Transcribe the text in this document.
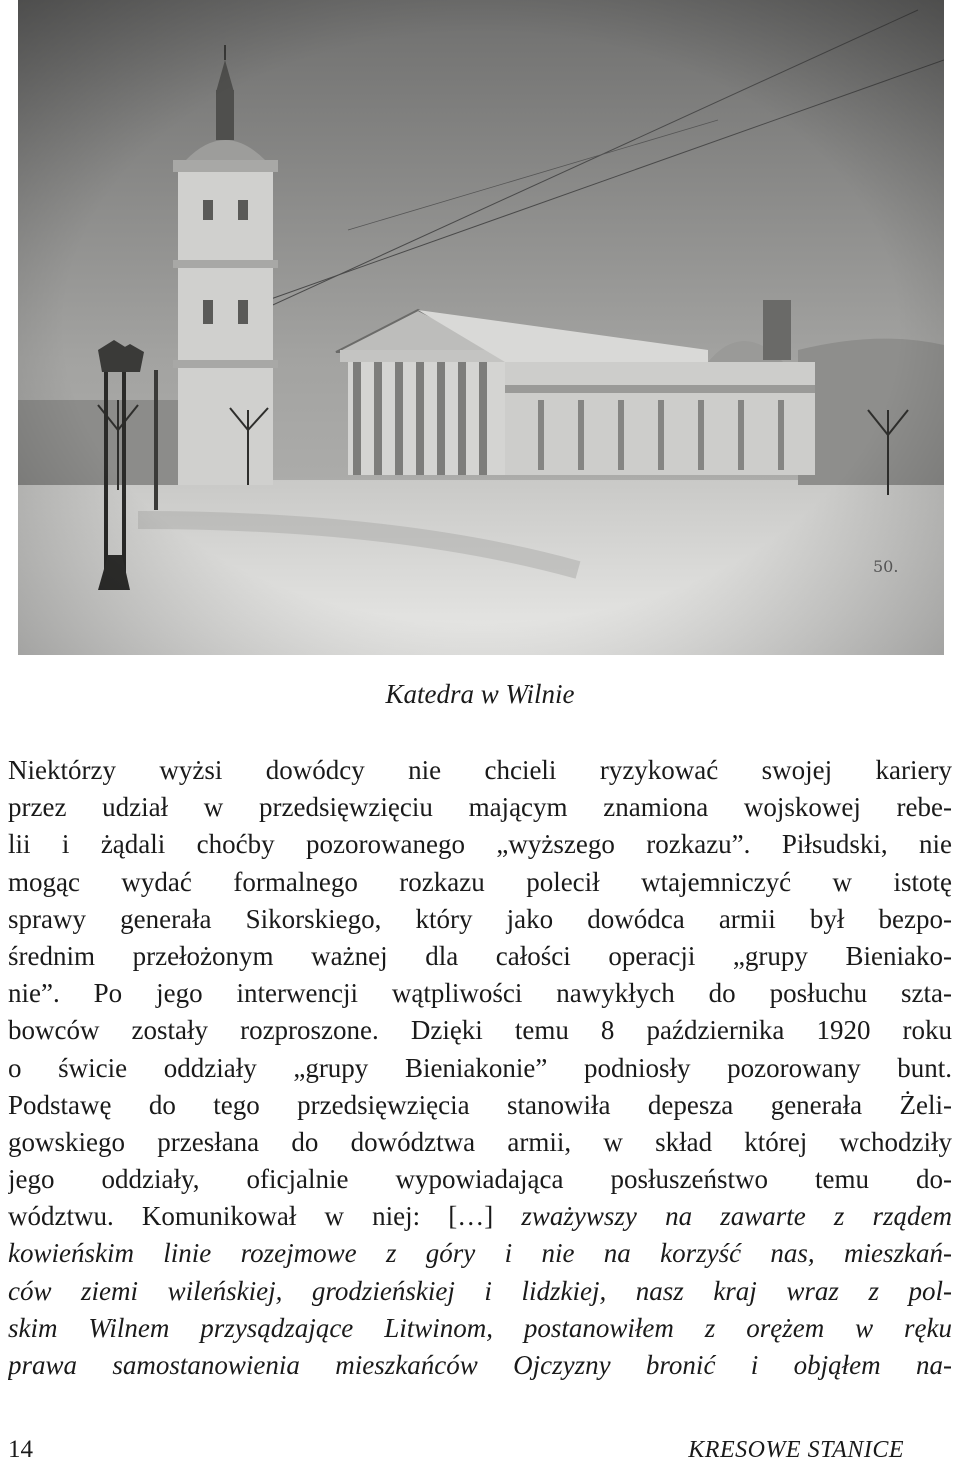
50.
Katedra w Wilnie
Niektórzy wyżsi dowódcy nie chcieli ryzykować swojej kariery
przez udział w przedsięwzięciu mającym znamiona wojskowej rebe-
lii i żądali choćby pozorowanego „wyższego rozkazu”. Piłsudski, nie
mogąc wydać formalnego rozkazu polecił wtajemniczyć w istotę
sprawy generała Sikorskiego, który jako dowódca armii był bezpo-
średnim przełożonym ważnej dla całości operacji „grupy Bieniako-
nie”. Po jego interwencji wątpliwości nawykłych do posłuchu szta-
bowców zostały rozproszone. Dzięki temu 8 października 1920 roku
o świcie oddziały „grupy Bieniakonie” podniosły pozorowany bunt.
Podstawę do tego przedsięwzięcia stanowiła depesza generała Żeli-
gowskiego przesłana do dowództwa armii, w skład której wchodziły
jego oddziały, oficjalnie wypowiadająca posłuszeństwo temu do-
wództwu. Komunikował w niej: […] zważywszy na zawarte z rządem
kowieńskim linie rozejmowe z góry i nie na korzyść nas, mieszkań-
ców ziemi wileńskiej, grodzieńskiej i lidzkiej, nasz kraj wraz z pol-
skim Wilnem przysądzające Litwinom, postanowiłem z orężem w ręku
prawa samostanowienia mieszkańców Ojczyzny bronić i objąłem na-
14	KRESOWE STANICE
